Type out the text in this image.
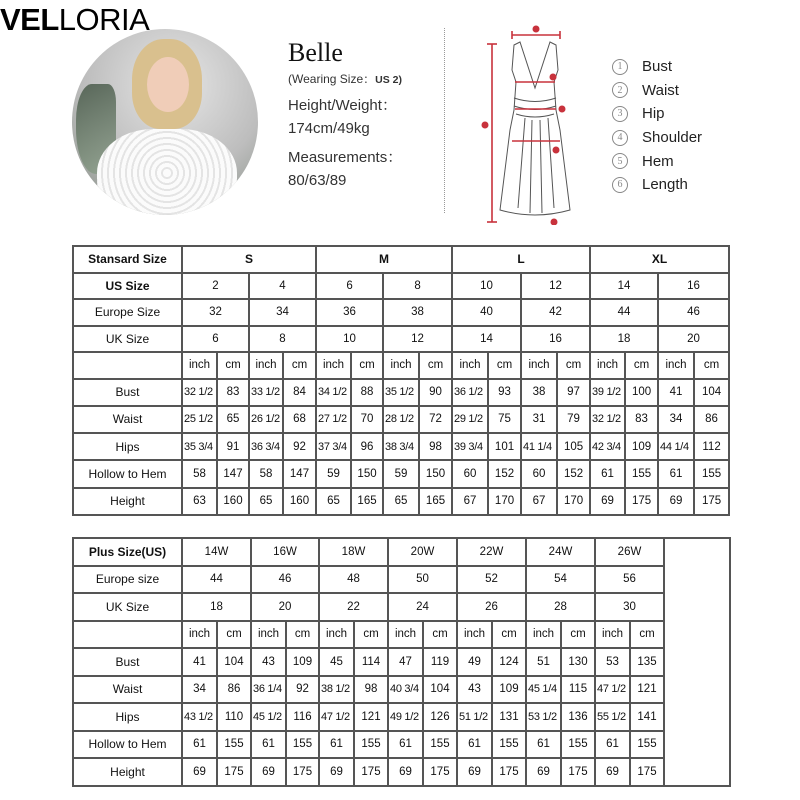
VELLORIA
Belle
(Wearing Size：US 2)
Height/Weight：
174cm/49kg
Measurements：
80/63/89
1	Bust
2	Waist
3	Hip
4	Shoulder
5	Hem
6	Length
Stansard Size	S				M				L				XL			
US Size	2		4		6		8		10		12		14		16	
Europe Size	32		34		36		38		40		42		44		46	
UK Size	6		8		10		12		14		16		18		20	
	inch	cm	inch	cm	inch	cm	inch	cm	inch	cm	inch	cm	inch	cm	inch	cm
Bust	32 1/2	83	33 1/2	84	34 1/2	88	35 1/2	90	36 1/2	93	38	97	39 1/2	100	41	104
Waist	25 1/2	65	26 1/2	68	27 1/2	70	28 1/2	72	29 1/2	75	31	79	32 1/2	83	34	86
Hips	35 3/4	91	36 3/4	92	37 3/4	96	38 3/4	98	39 3/4	101	41 1/4	105	42 3/4	109	44 1/4	112
Hollow to Hem	58	147	58	147	59	150	59	150	60	152	60	152	61	155	61	155
Height	63	160	65	160	65	165	65	165	67	170	67	170	69	175	69	175
Plus Size(US)	14W		16W		18W		20W		22W		24W		26W		
Europe size	44		46		48		50		52		54		56		
UK Size	18		20		22		24		26		28		30		
	inch	cm	inch	cm	inch	cm	inch	cm	inch	cm	inch	cm	inch	cm	
Bust	41	104	43	109	45	114	47	119	49	124	51	130	53	135	
Waist	34	86	36 1/4	92	38 1/2	98	40 3/4	104	43	109	45 1/4	115	47 1/2	121	
Hips	43 1/2	110	45 1/2	116	47 1/2	121	49 1/2	126	51 1/2	131	53 1/2	136	55 1/2	141	
Hollow to Hem	61	155	61	155	61	155	61	155	61	155	61	155	61	155	
Height	69	175	69	175	69	175	69	175	69	175	69	175	69	175	
